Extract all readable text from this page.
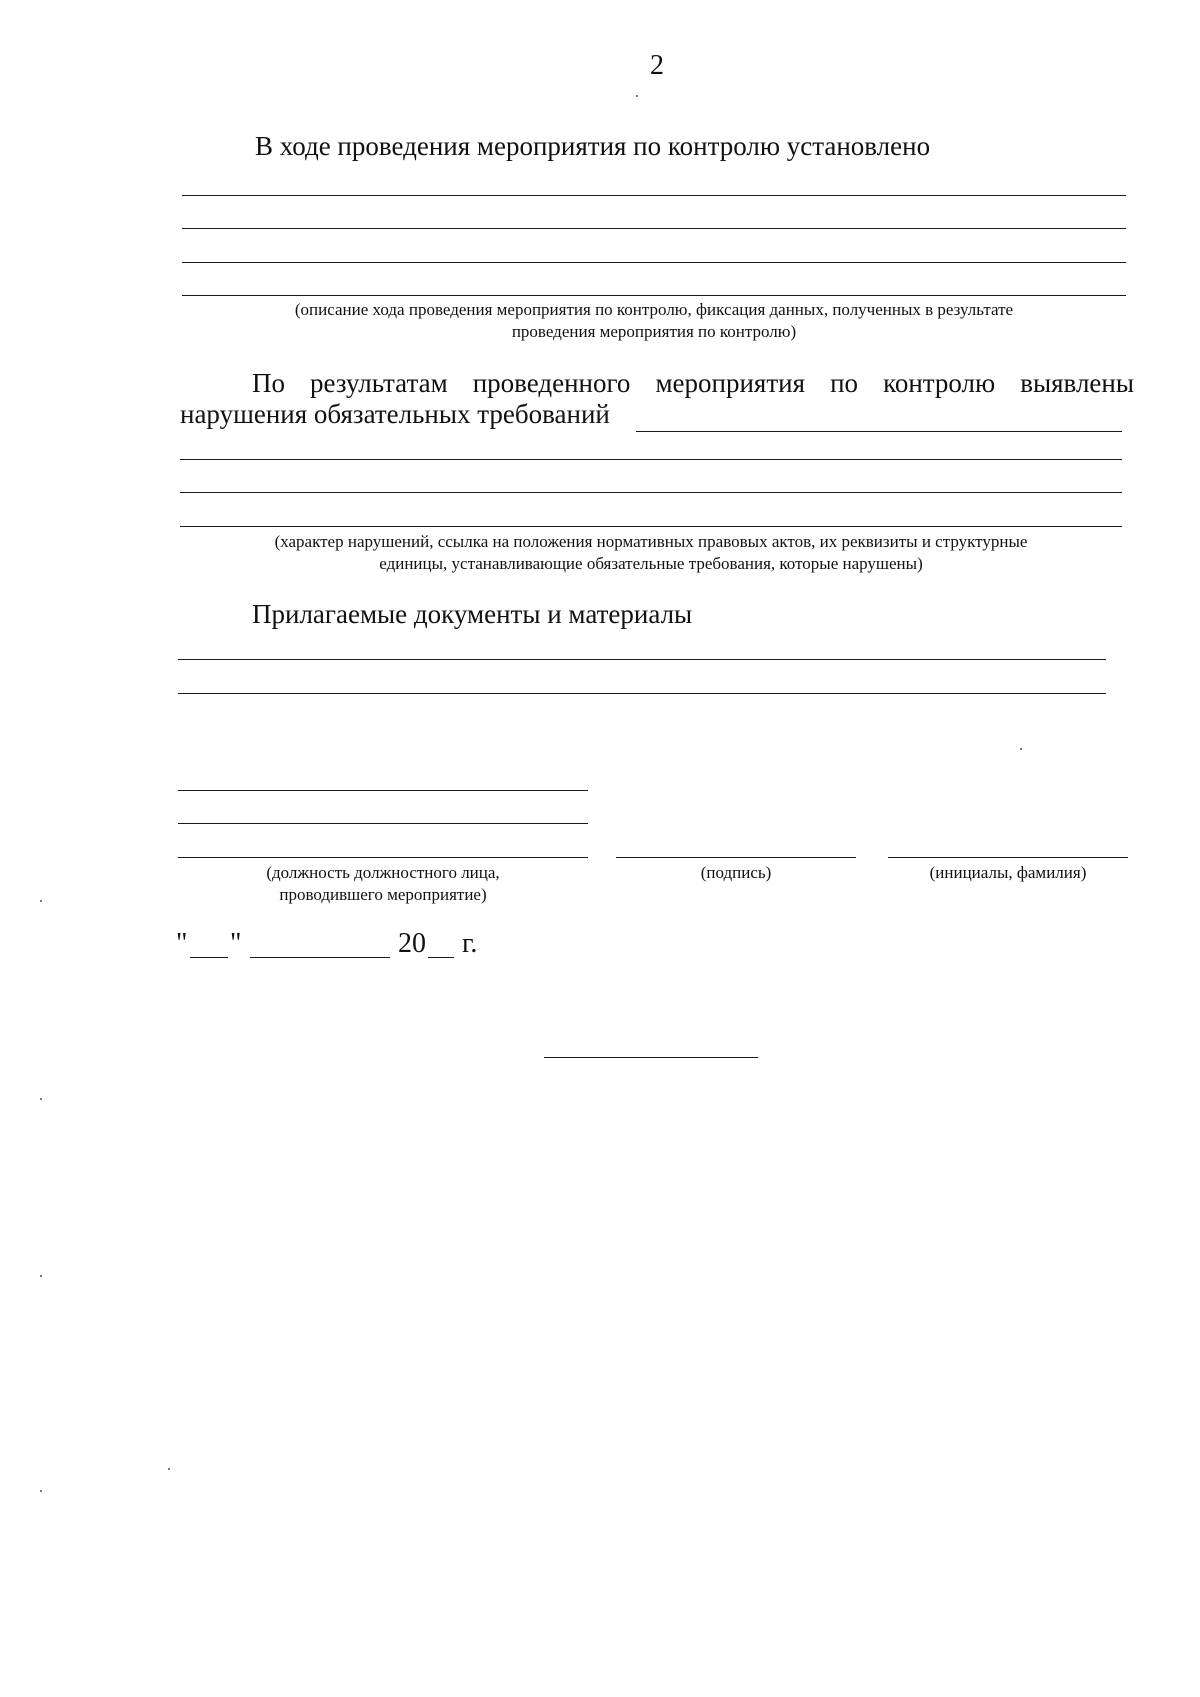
2
В ходе проведения мероприятия по контролю установлено
(описание хода проведения мероприятия по контролю, фиксация данных, полученных в результате
проведения мероприятия по контролю)
По результатам проведенного мероприятия по контролю выявлены
нарушения обязательных требований
(характер нарушений, ссылка на положения нормативных правовых актов, их реквизиты и структурные
единицы, устанавливающие обязательные требования, которые нарушены)
Прилагаемые документы и материалы
(должность должностного лица,
проводившего мероприятие)
(подпись)	(инициалы, фамилия)
" "	20 г.
